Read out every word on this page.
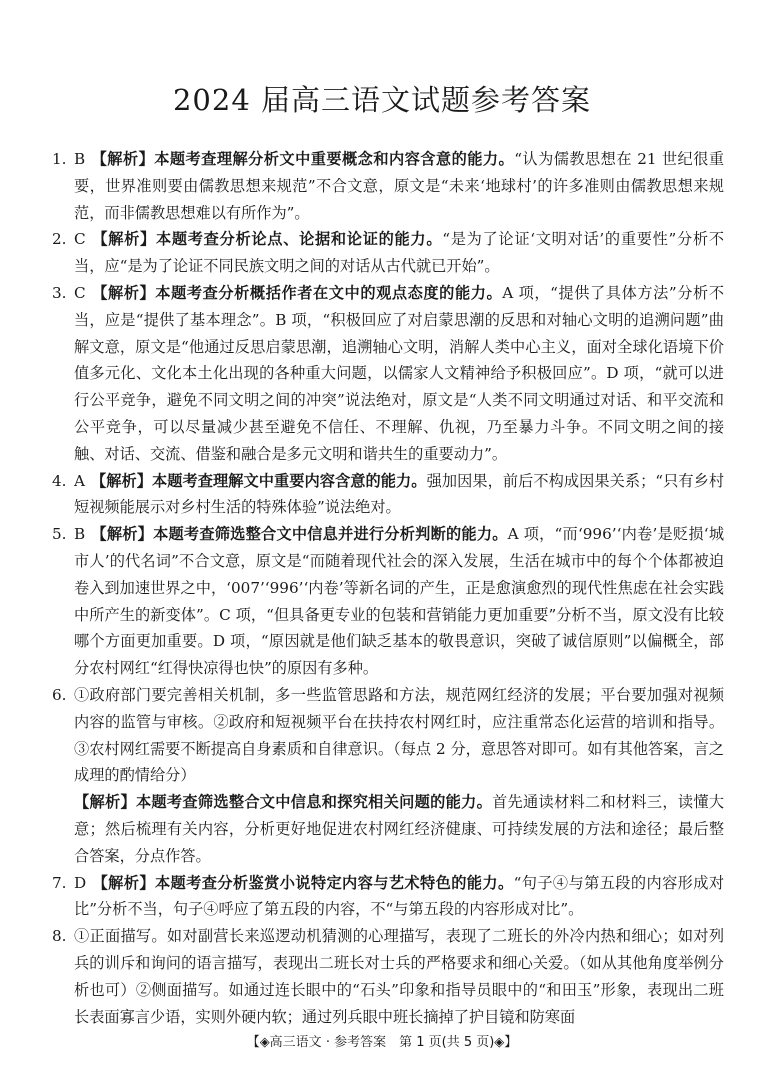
2024 届高三语文试题参考答案

1. B 【解析】本题考查理解分析文中重要概念和内容含意的能力。“认为儒教思想在 21 世纪很重要，世界准则要由儒教思想来规范”不合文意，原文是“未来‘地球村’的许多准则由儒教思想来规范，而非儒教思想难以有所作为”。

2. C 【解析】本题考查分析论点、论据和论证的能力。“是为了论证‘文明对话’的重要性”分析不当，应“是为了论证不同民族文明之间的对话从古代就已开始”。

3. C 【解析】本题考查分析概括作者在文中的观点态度的能力。A 项，“提供了具体方法”分析不当，应是“提供了基本理念”。B 项，“积极回应了对启蒙思潮的反思和对轴心文明的追溯问题”曲解文意，原文是“他通过反思启蒙思潮，追溯轴心文明，消解人类中心主义，面对全球化语境下价值多元化、文化本土化出现的各种重大问题，以儒家人文精神给予积极回应”。D 项，“就可以进行公平竞争，避免不同文明之间的冲突”说法绝对，原文是“人类不同文明通过对话、和平交流和公平竞争，可以尽量减少甚至避免不信任、不理解、仇视，乃至暴力斗争。不同文明之间的接触、对话、交流、借鉴和融合是多元文明和谐共生的重要动力”。

4. A 【解析】本题考查理解文中重要内容含意的能力。强加因果，前后不构成因果关系；“只有乡村短视频能展示对乡村生活的特殊体验”说法绝对。

5. B 【解析】本题考查筛选整合文中信息并进行分析判断的能力。A 项，“而‘996’‘内卷’是贬损‘城市人’的代名词”不合文意，原文是“而随着现代社会的深入发展，生活在城市中的每个个体都被迫卷入到加速世界之中，‘007’‘996’‘内卷’等新名词的产生，正是愈演愈烈的现代性焦虑在社会实践中所产生的新变体”。C 项，“但具备更专业的包装和营销能力更加重要”分析不当，原文没有比较哪个方面更加重要。D 项，“原因就是他们缺乏基本的敬畏意识，突破了诚信原则”以偏概全，部分农村网红“红得快凉得也快”的原因有多种。

6. ①政府部门要完善相关机制，多一些监管思路和方法，规范网红经济的发展；平台要加强对视频内容的监管与审核。②政府和短视频平台在扶持农村网红时，应注重常态化运营的培训和指导。③农村网红需要不断提高自身素质和自律意识。（每点 2 分，意思答对即可。如有其他答案，言之成理的酌情给分）

【解析】本题考查筛选整合文中信息和探究相关问题的能力。首先通读材料二和材料三，读懂大意；然后梳理有关内容，分析更好地促进农村网红经济健康、可持续发展的方法和途径；最后整合答案，分点作答。

7. D 【解析】本题考查分析鉴赏小说特定内容与艺术特色的能力。“句子④与第五段的内容形成对比”分析不当，句子④呼应了第五段的内容，不“与第五段的内容形成对比”。

8. ①正面描写。如对副营长来巡逻动机猜测的心理描写，表现了二班长的外冷内热和细心；如对列兵的训斥和询问的语言描写，表现出二班长对士兵的严格要求和细心关爱。（如从其他角度举例分析也可）②侧面描写。如通过连长眼中的“石头”印象和指导员眼中的“和田玉”形象，表现出二班长表面寡言少语，实则外硬内软；通过列兵眼中班长摘掉了护目镜和防寒面

【◈高三语文 · 参考答案　第 1 页(共 5 页)◈】
